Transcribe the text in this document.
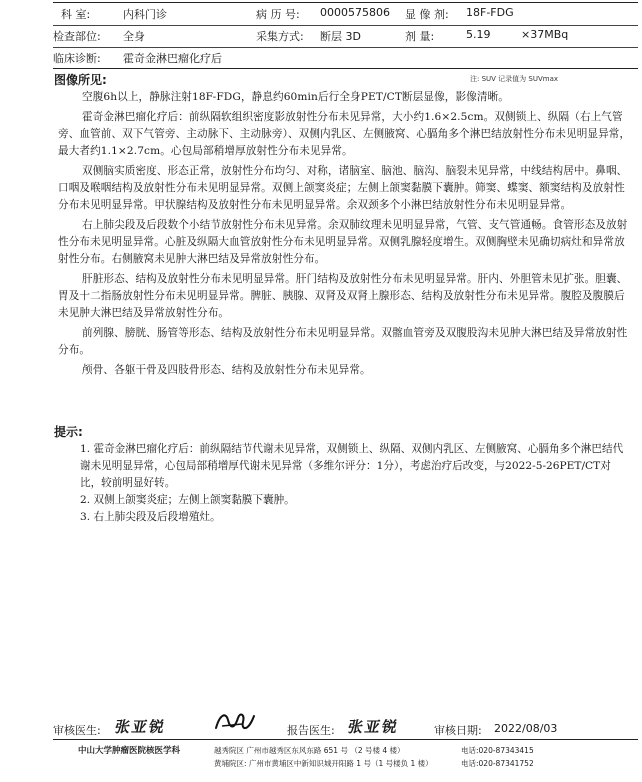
科 室:	内科门诊	病 历 号: 0000575806 显 像 剂: 18F-FDG
检查部位: 全身	采集方式: 断层 3D	剂 量:	5.19	×37MBq
临床诊断: 霍奇金淋巴瘤化疗后
图像所见:	注: SUV 记录值为 SUVmax

空腹6h以上，静脉注射18F-FDG，静息约60min后行全身PET/CT断层显像，影像清晰。

霍奇金淋巴瘤化疗后：前纵隔软组织密度影放射性分布未见异常，大小约1.6×2.5cm。双侧锁上、纵隔（右上气管旁、血管前、双下气管旁、主动脉下、主动脉旁）、双侧内乳区、左侧腋窝、心膈角多个淋巴结放射性分布未见明显异常，最大者约1.1×2.7cm。心包局部稍增厚放射性分布未见异常。

双侧脑实质密度、形态正常，放射性分布均匀、对称，诸脑室、脑池、脑沟、脑裂未见异常，中线结构居中。鼻咽、口咽及喉咽结构及放射性分布未见明显异常。双侧上颌窦炎症；左侧上颌窦黏膜下囊肿。筛窦、蝶窦、额窦结构及放射性分布未见明显异常。甲状腺结构及放射性分布未见明显异常。余双颈多个小淋巴结放射性分布未见明显异常。

右上肺尖段及后段数个小结节放射性分布未见异常。余双肺纹理未见明显异常，气管、支气管通畅。食管形态及放射性分布未见明显异常。心脏及纵隔大血管放射性分布未见明显异常。双侧乳腺轻度增生。双侧胸壁未见确切病灶和异常放射性分布。右侧腋窝未见肿大淋巴结及异常放射性分布。

肝脏形态、结构及放射性分布未见明显异常。肝门结构及放射性分布未见明显异常。肝内、外胆管未见扩张。胆囊、胃及十二指肠放射性分布未见明显异常。脾脏、胰腺、双肾及双肾上腺形态、结构及放射性分布未见异常。腹腔及腹膜后未见肿大淋巴结及异常放射性分布。

前列腺、膀胱、肠管等形态、结构及放射性分布未见明显异常。双髂血管旁及双腹股沟未见肿大淋巴结及异常放射性分布。

颅骨、各躯干骨及四肢骨形态、结构及放射性分布未见异常。

提示:

1. 霍奇金淋巴瘤化疗后：前纵隔结节代谢未见异常，双侧锁上、纵隔、双侧内乳区、左侧腋窝、心膈角多个淋巴结代谢未见明显异常，心包局部稍增厚代谢未见异常（多维尔评分：1分），考虑治疗后改变，与2022-5-26PET/CT对比，较前明显好转。

2. 双侧上颌窦炎症；左侧上颌窦黏膜下囊肿。

3. 右上肺尖段及后段增殖灶。

审核医生: 张亚锐	报告医生: 张亚锐	审核日期: 2022/08/03
中山大学肿瘤医院核医学科	越秀院区 广州市越秀区东风东路 651 号 （2 号楼 4 楼）	电话:020-87343415
黄埔院区: 广州市黄埔区中新知识城开阳路 1 号（1 号楼负 1 楼）	电话:020-87341752
